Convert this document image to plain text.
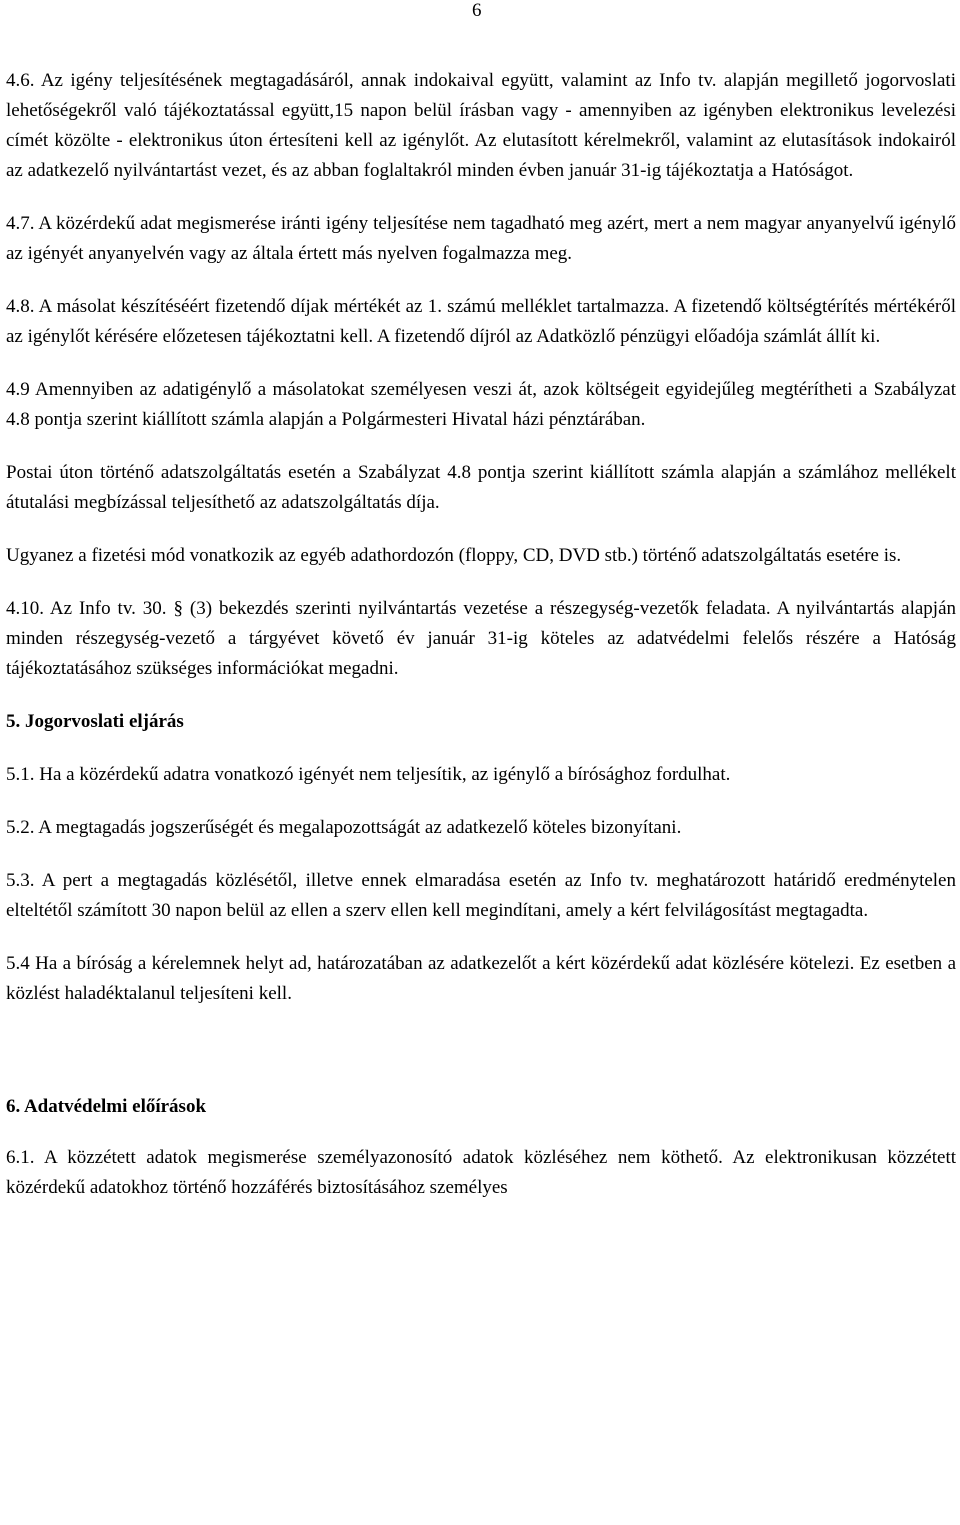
6

4.6. Az igény teljesítésének megtagadásáról, annak indokaival együtt, valamint az Info tv. alapján megillető jogorvoslati lehetőségekről való tájékoztatással együtt,15 napon belül írásban vagy - amennyiben az igényben elektronikus levelezési címét közölte - elektronikus úton értesíteni kell az igénylőt. Az elutasított kérelmekről, valamint az elutasítások indokairól az adatkezelő nyilvántartást vezet, és az abban foglaltakról minden évben január 31-ig tájékoztatja a Hatóságot.

4.7. A közérdekű adat megismerése iránti igény teljesítése nem tagadható meg azért, mert a nem magyar anyanyelvű igénylő az igényét anyanyelvén vagy az általa értett más nyelven fogalmazza meg.

4.8. A másolat készítéséért fizetendő díjak mértékét az 1. számú melléklet tartalmazza. A fizetendő költségtérítés mértékéről az igénylőt kérésére előzetesen tájékoztatni kell. A fizetendő díjról az Adatközlő pénzügyi előadója számlát állít ki.

4.9 Amennyiben az adatigénylő a másolatokat személyesen veszi át, azok költségeit egyidejűleg megtérítheti a Szabályzat 4.8 pontja szerint kiállított számla alapján a Polgármesteri Hivatal házi pénztárában.

Postai úton történő adatszolgáltatás esetén a Szabályzat 4.8 pontja szerint kiállított számla alapján a számlához mellékelt átutalási megbízással teljesíthető az adatszolgáltatás díja.

Ugyanez a fizetési mód vonatkozik az egyéb adathordozón (floppy, CD, DVD stb.) történő adatszolgáltatás esetére is.

4.10. Az Info tv. 30. § (3) bekezdés szerinti nyilvántartás vezetése a részegység-vezetők feladata. A nyilvántartás alapján minden részegység-vezető a tárgyévet követő év január 31-ig köteles az adatvédelmi felelős részére a Hatóság tájékoztatásához szükséges információkat megadni.

5. Jogorvoslati eljárás

5.1. Ha a közérdekű adatra vonatkozó igényét nem teljesítik, az igénylő a bírósághoz fordulhat.

5.2. A megtagadás jogszerűségét és megalapozottságát az adatkezelő köteles bizonyítani.

5.3. A pert a megtagadás közlésétől, illetve ennek elmaradása esetén az Info tv. meghatározott határidő eredménytelen elteltétől számított 30 napon belül az ellen a szerv ellen kell megindítani, amely a kért felvilágosítást megtagadta.

5.4 Ha a bíróság a kérelemnek helyt ad, határozatában az adatkezelőt a kért közérdekű adat közlésére kötelezi. Ez esetben a közlést haladéktalanul teljesíteni kell.

6. Adatvédelmi előírások

6.1. A közzétett adatok megismerése személyazonosító adatok közléséhez nem köthető. Az elektronikusan közzétett közérdekű adatokhoz történő hozzáférés biztosításához személyes
